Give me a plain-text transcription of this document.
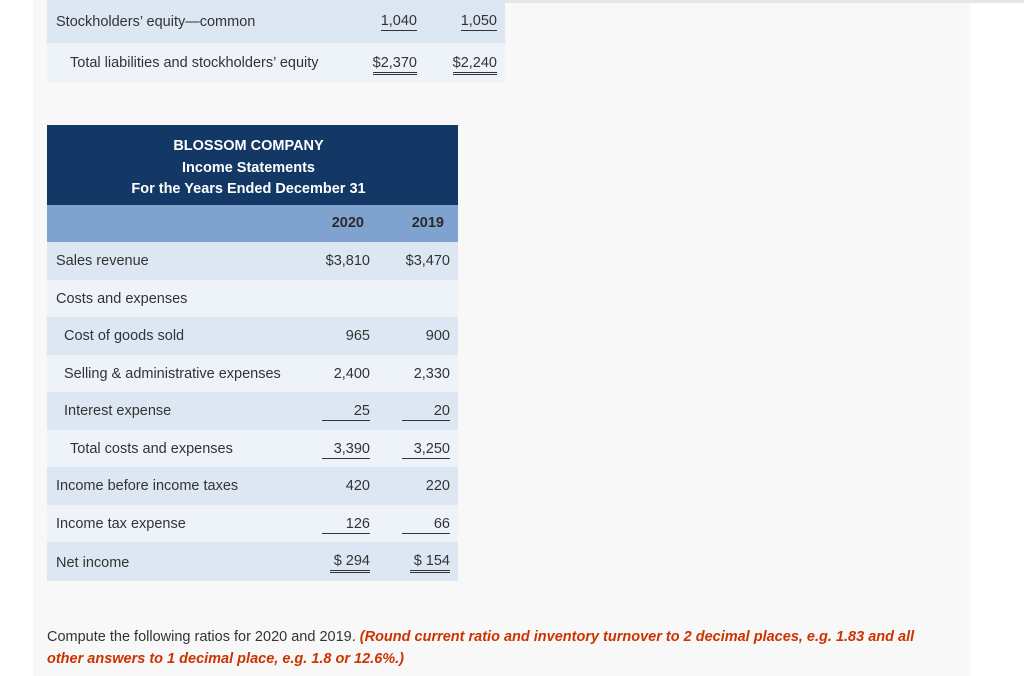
Stockholders’ equity—common	1,040	1,050
Total liabilities and stockholders’ equity	$2,370 $2,240
BLOSSOM COMPANY
Income Statements
For the Years Ended December 31
2020	2019
Sales revenue	$3,810 $3,470
Costs and expenses
Cost of goods sold	965	900
Selling & administrative expenses	2,400	2,330
Interest expense	25	20
Total costs and expenses	3,390	3,250
Income before income taxes	420	220
Income tax expense	126	66
Net income	$ 294	$ 154
Compute the following ratios for 2020 and 2019. (Round current ratio and inventory turnover to 2 decimal places, e.g. 1.83 and all other answers to 1 decimal place, e.g. 1.8 or 12.6%.)
